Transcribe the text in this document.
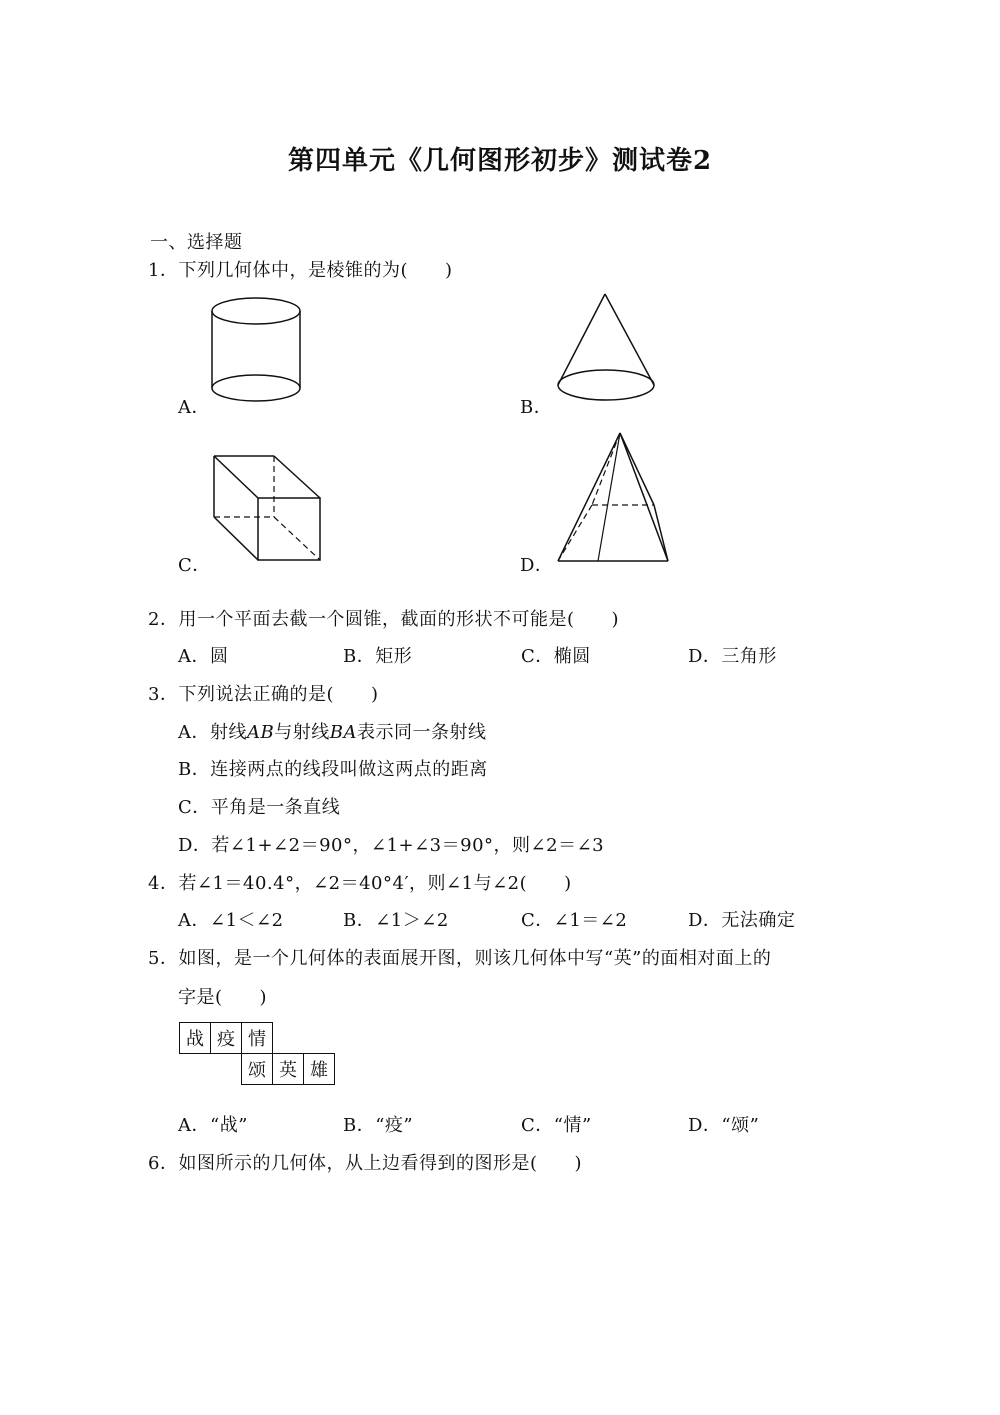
第四单元《几何图形初步》测试卷2
一、选择题
1．下列几何体中，是棱锥的为(　　)
A．	B．
C．	D．
2．用一个平面去截一个圆锥，截面的形状不可能是(　　)
A．圆	B．矩形	C．椭圆	D．三角形
3．下列说法正确的是(　　)
A．射线AB与射线BA表示同一条射线
B．连接两点的线段叫做这两点的距离
C．平角是一条直线
D．若∠1+∠2＝90°，∠1+∠3＝90°，则∠2＝∠3
4．若∠1＝40.4°，∠2＝40°4′，则∠1与∠2(　　)
A．∠1＜∠2	B．∠1＞∠2	C．∠1＝∠2	D．无法确定
5．如图，是一个几何体的表面展开图，则该几何体中写“英”的面相对面上的
字是(　　)
战	疫	情		
		颂	英	雄
A．“战”	B．“疫”	C．“情”	D．“颂”
6．如图所示的几何体，从上边看得到的图形是(　　)
